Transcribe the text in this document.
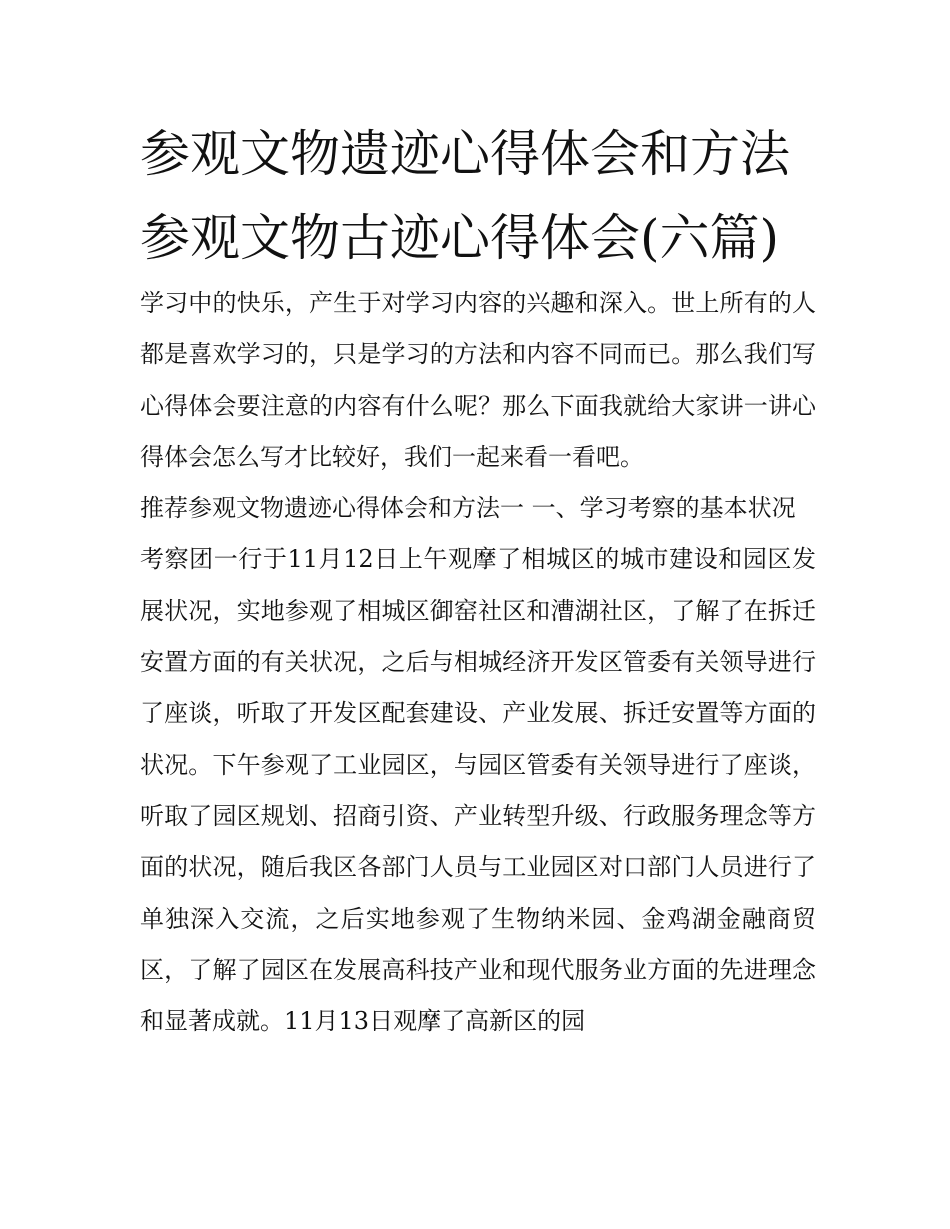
参观文物遗迹心得体会和方法
参观文物古迹心得体会(六篇)

学习中的快乐，产生于对学习内容的兴趣和深入。世上所有的人都是喜欢学习的，只是学习的方法和内容不同而已。那么我们写心得体会要注意的内容有什么呢？那么下面我就给大家讲一讲心得体会怎么写才比较好，我们一起来看一看吧。

推荐参观文物遗迹心得体会和方法一 一、学习考察的基本状况

考察团一行于11月12日上午观摩了相城区的城市建设和园区发展状况，实地参观了相城区御窑社区和漕湖社区，了解了在拆迁安置方面的有关状况，之后与相城经济开发区管委有关领导进行了座谈，听取了开发区配套建设、产业发展、拆迁安置等方面的状况。下午参观了工业园区，与园区管委有关领导进行了座谈，听取了园区规划、招商引资、产业转型升级、行政服务理念等方面的状况，随后我区各部门人员与工业园区对口部门人员进行了单独深入交流，之后实地参观了生物纳米园、金鸡湖金融商贸区，了解了园区在发展高科技产业和现代服务业方面的先进理念和显著成就。11月13日观摩了高新区的园
